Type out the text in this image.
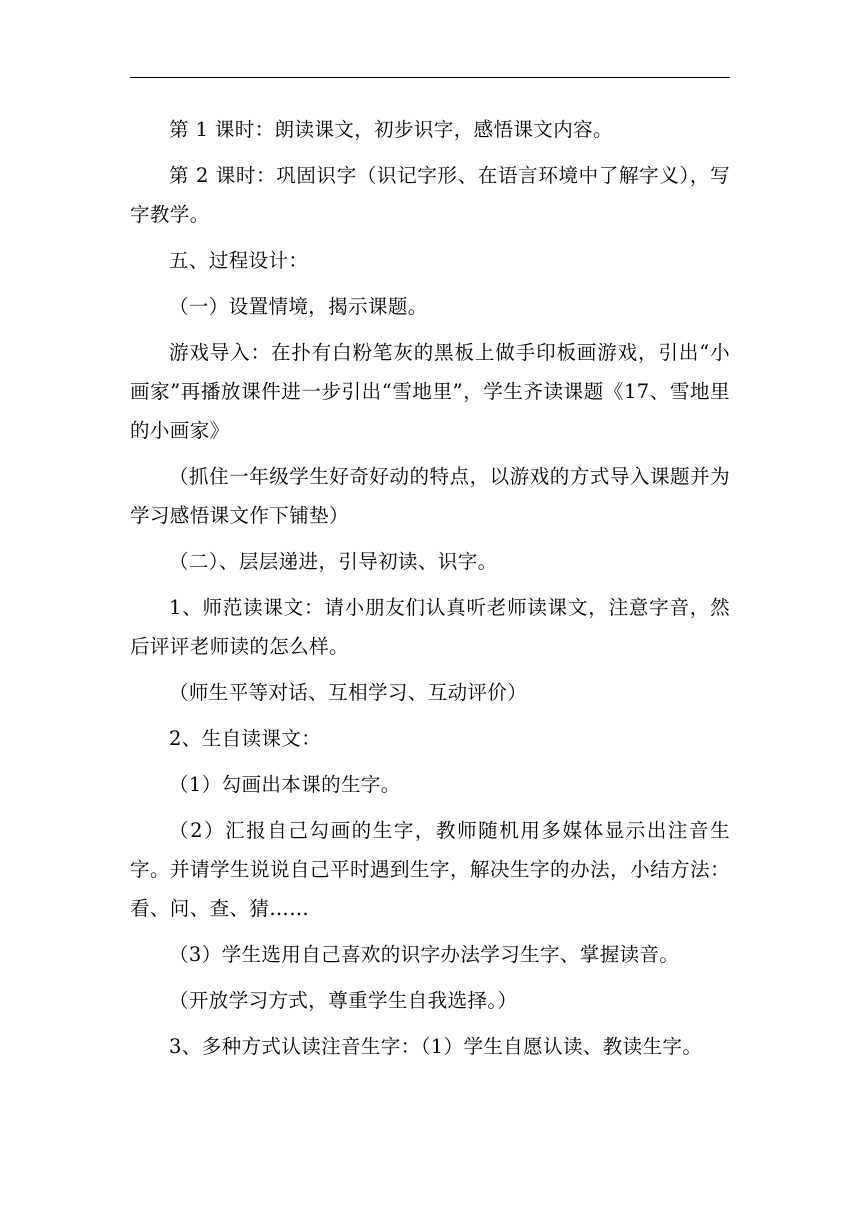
第 1 课时：朗读课文，初步识字，感悟课文内容。

第 2 课时：巩固识字（识记字形、在语言环境中了解字义），写字教学。

五、过程设计：

（一）设置情境，揭示课题。

游戏导入：在扑有白粉笔灰的黑板上做手印板画游戏，引出“小画家”再播放课件进一步引出“雪地里”，学生齐读课题《17、雪地里的小画家》

（抓住一年级学生好奇好动的特点，以游戏的方式导入课题并为学习感悟课文作下铺垫）

（二）、层层递进，引导初读、识字。

1、师范读课文：请小朋友们认真听老师读课文，注意字音，然后评评老师读的怎么样。

（师生平等对话、互相学习、互动评价）

2、生自读课文：

（1）勾画出本课的生字。

（2）汇报自己勾画的生字，教师随机用多媒体显示出注音生字。并请学生说说自己平时遇到生字，解决生字的办法，小结方法：看、问、查、猜……

（3）学生选用自己喜欢的识字办法学习生字、掌握读音。

（开放学习方式，尊重学生自我选择。）

3、多种方式认读注音生字：（1）学生自愿认读、教读生字。
